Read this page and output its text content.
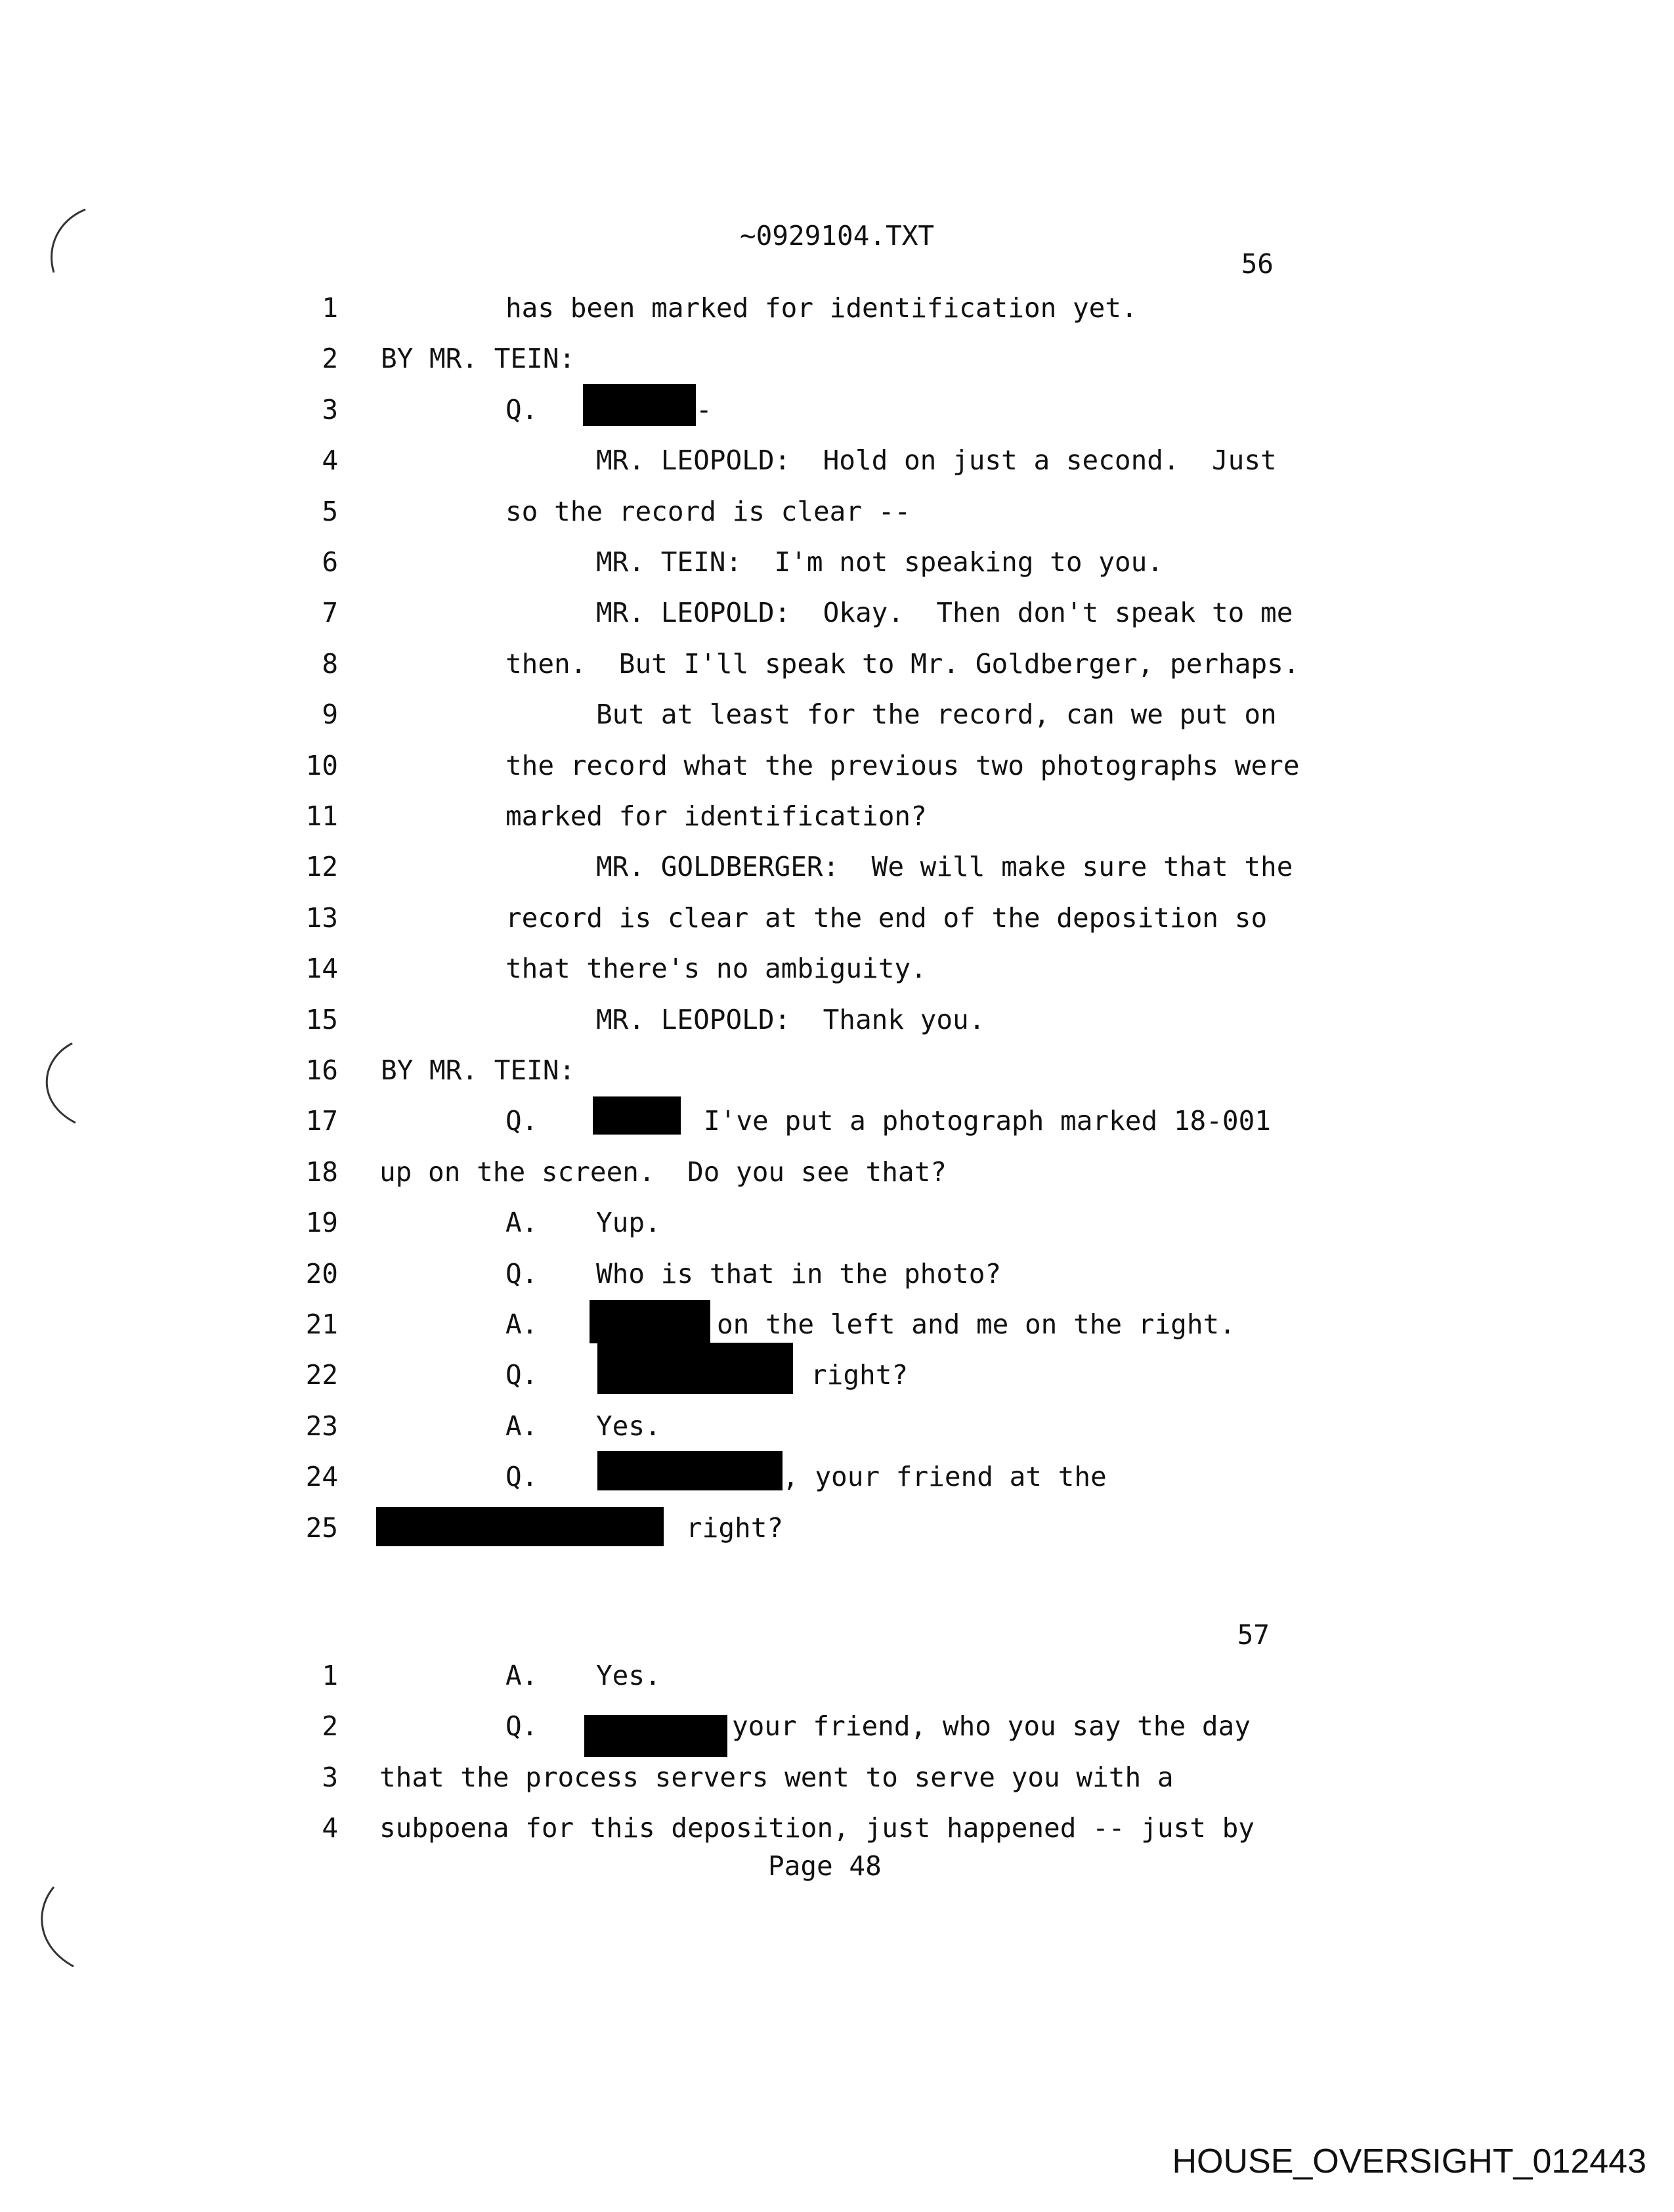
~0929104.TXT
56
1	has been marked for identification yet.
2 BY MR. TEIN:
3	Q.	-
4	MR. LEOPOLD:  Hold on just a second.  Just
5	so the record is clear --
6	MR. TEIN:  I'm not speaking to you.
7	MR. LEOPOLD:  Okay.  Then don't speak to me
8	then.  But I'll speak to Mr. Goldberger, perhaps.
9	But at least for the record, can we put on
10	the record what the previous two photographs were
11	marked for identification?
12	MR. GOLDBERGER:  We will make sure that the
13	record is clear at the end of the deposition so
14	that there's no ambiguity.
15	MR. LEOPOLD:  Thank you.
16 BY MR. TEIN:
17	Q.	I've put a photograph marked 18-001
18 up on the screen.  Do you see that?
19	A. Yup.
20	Q. Who is that in the photo?
21	A.	on the left and me on the right.
22	Q.	right?
23	A. Yes.
24	Q.	, your friend at the
25	right?
57
1	A. Yes.
2	Q.	your friend, who you say the day
3 that the process servers went to serve you with a
4 subpoena for this deposition, just happened -- just by
Page 48
HOUSE_OVERSIGHT_012443
